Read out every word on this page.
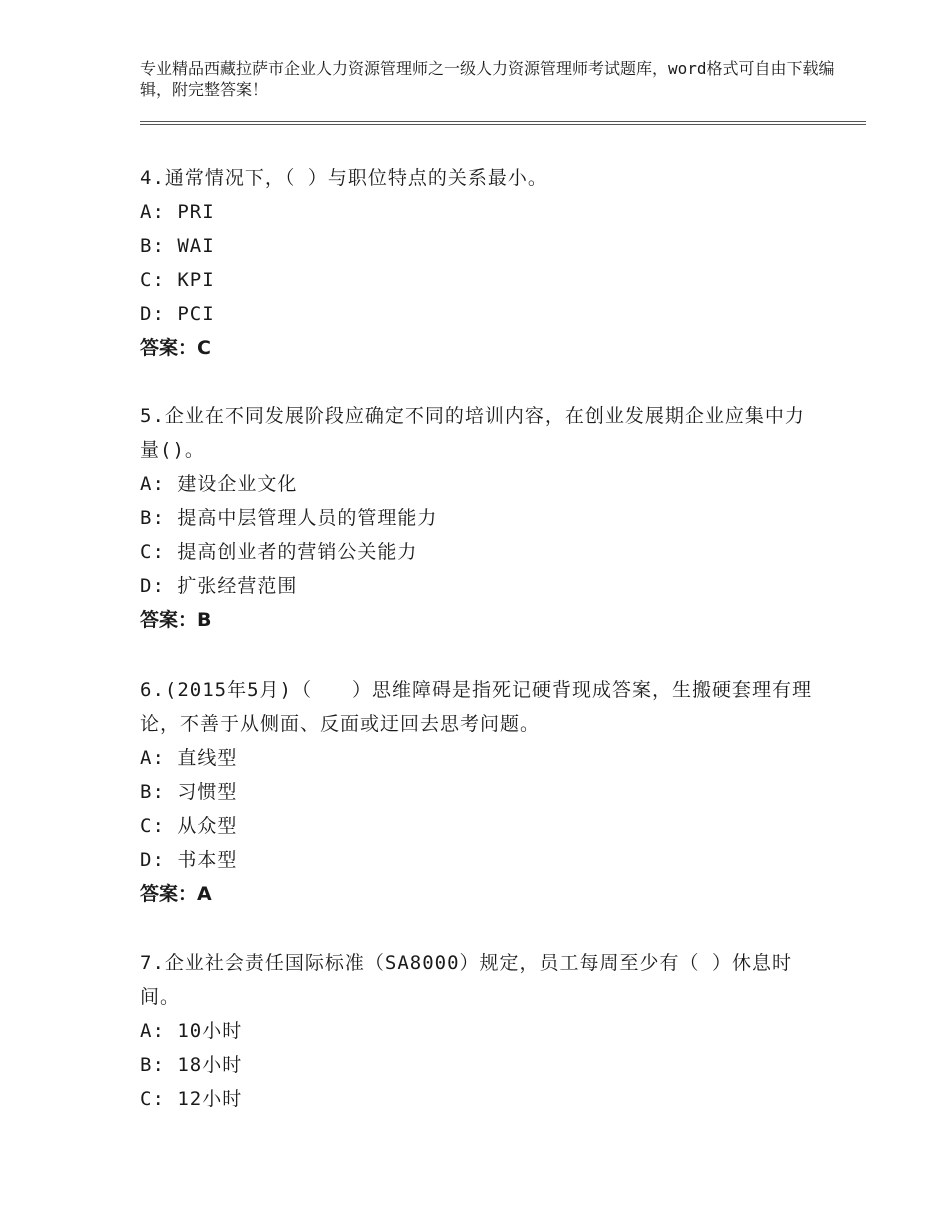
专业精品西藏拉萨市企业人力资源管理师之一级人力资源管理师考试题库，word格式可自由下载编辑，附完整答案！
4.通常情况下，（ ）与职位特点的关系最小。
A: PRI
B: WAI
C: KPI
D: PCI
答案：C
5.企业在不同发展阶段应确定不同的培训内容，在创业发展期企业应集中力量()。
A: 建设企业文化
B: 提高中层管理人员的管理能力
C: 提高创业者的营销公关能力
D: 扩张经营范围
答案：B
6.(2015年5月)（　　）思维障碍是指死记硬背现成答案，生搬硬套理有理论，不善于从侧面、反面或迂回去思考问题。
A: 直线型
B: 习惯型
C: 从众型
D: 书本型
答案：A
7.企业社会责任国际标准（SA8000）规定，员工每周至少有（ ）休息时间。
A: 10小时
B: 18小时
C: 12小时
